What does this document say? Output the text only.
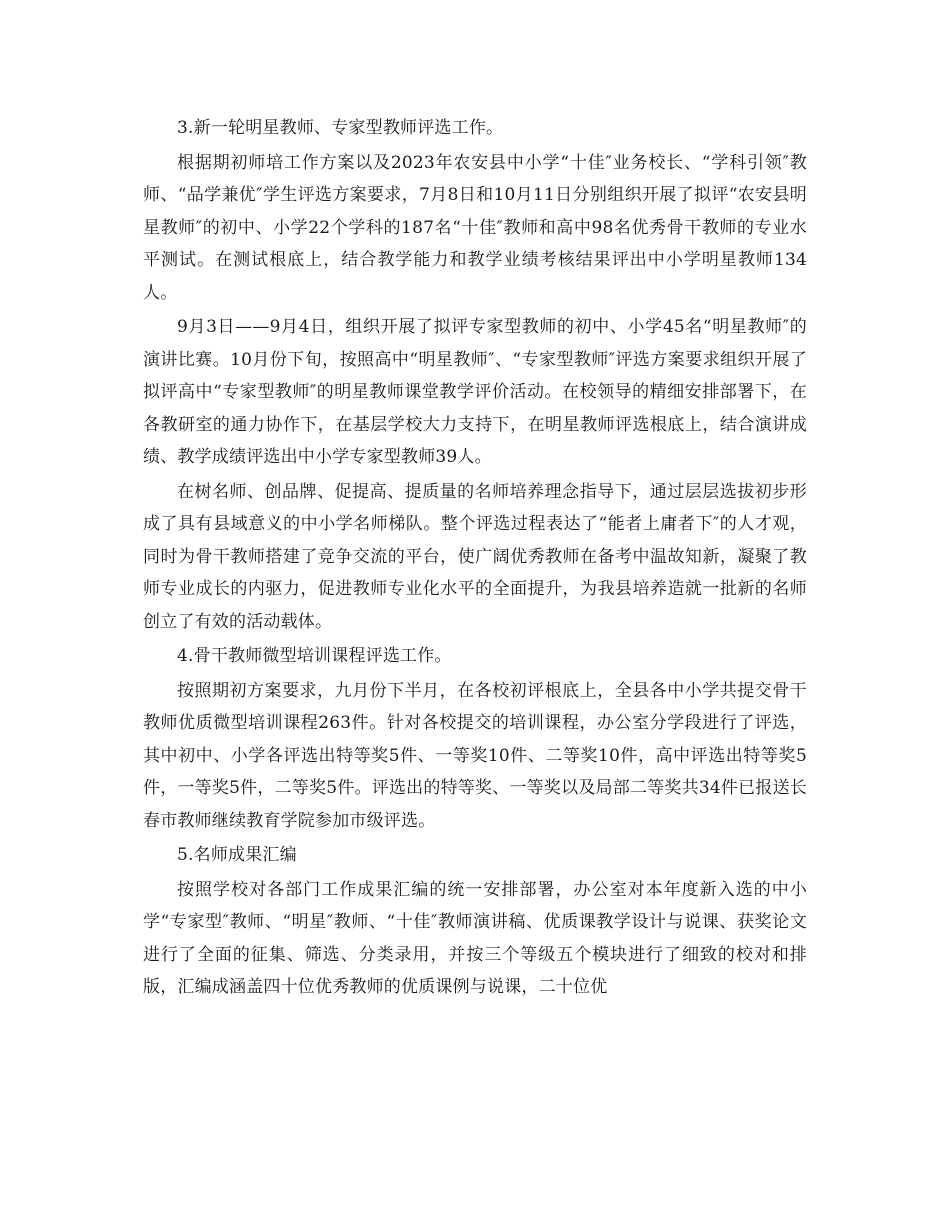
3.新一轮明星教师、专家型教师评选工作。

根据期初师培工作方案以及2023年农安县中小学“十佳″业务校长、“学科引领″教师、“品学兼优″学生评选方案要求，7月8日和10月11日分别组织开展了拟评“农安县明星教师″的初中、小学22个学科的187名“十佳″教师和高中98名优秀骨干教师的专业水平测试。在测试根底上，结合教学能力和教学业绩考核结果评出中小学明星教师134人。

9月3日——9月4日，组织开展了拟评专家型教师的初中、小学45名“明星教师″的演讲比赛。10月份下旬，按照高中“明星教师″、“专家型教师″评选方案要求组织开展了拟评高中“专家型教师″的明星教师课堂教学评价活动。在校领导的精细安排部署下，在各教研室的通力协作下，在基层学校大力支持下，在明星教师评选根底上，结合演讲成绩、教学成绩评选出中小学专家型教师39人。

在树名师、创品牌、促提高、提质量的名师培养理念指导下，通过层层选拔初步形成了具有县域意义的中小学名师梯队。整个评选过程表达了“能者上庸者下″的人才观，同时为骨干教师搭建了竞争交流的平台，使广阔优秀教师在备考中温故知新，凝聚了教师专业成长的内驱力，促进教师专业化水平的全面提升，为我县培养造就一批新的名师创立了有效的活动载体。

4.骨干教师微型培训课程评选工作。

按照期初方案要求，九月份下半月，在各校初评根底上，全县各中小学共提交骨干教师优质微型培训课程263件。针对各校提交的培训课程，办公室分学段进行了评选，其中初中、小学各评选出特等奖5件、一等奖10件、二等奖10件，高中评选出特等奖5件，一等奖5件，二等奖5件。评选出的特等奖、一等奖以及局部二等奖共34件已报送长春市教师继续教育学院参加市级评选。

5.名师成果汇编

按照学校对各部门工作成果汇编的统一安排部署，办公室对本年度新入选的中小学“专家型″教师、“明星″教师、“十佳″教师演讲稿、优质课教学设计与说课、获奖论文进行了全面的征集、筛选、分类录用，并按三个等级五个模块进行了细致的校对和排版，汇编成涵盖四十位优秀教师的优质课例与说课，二十位优
